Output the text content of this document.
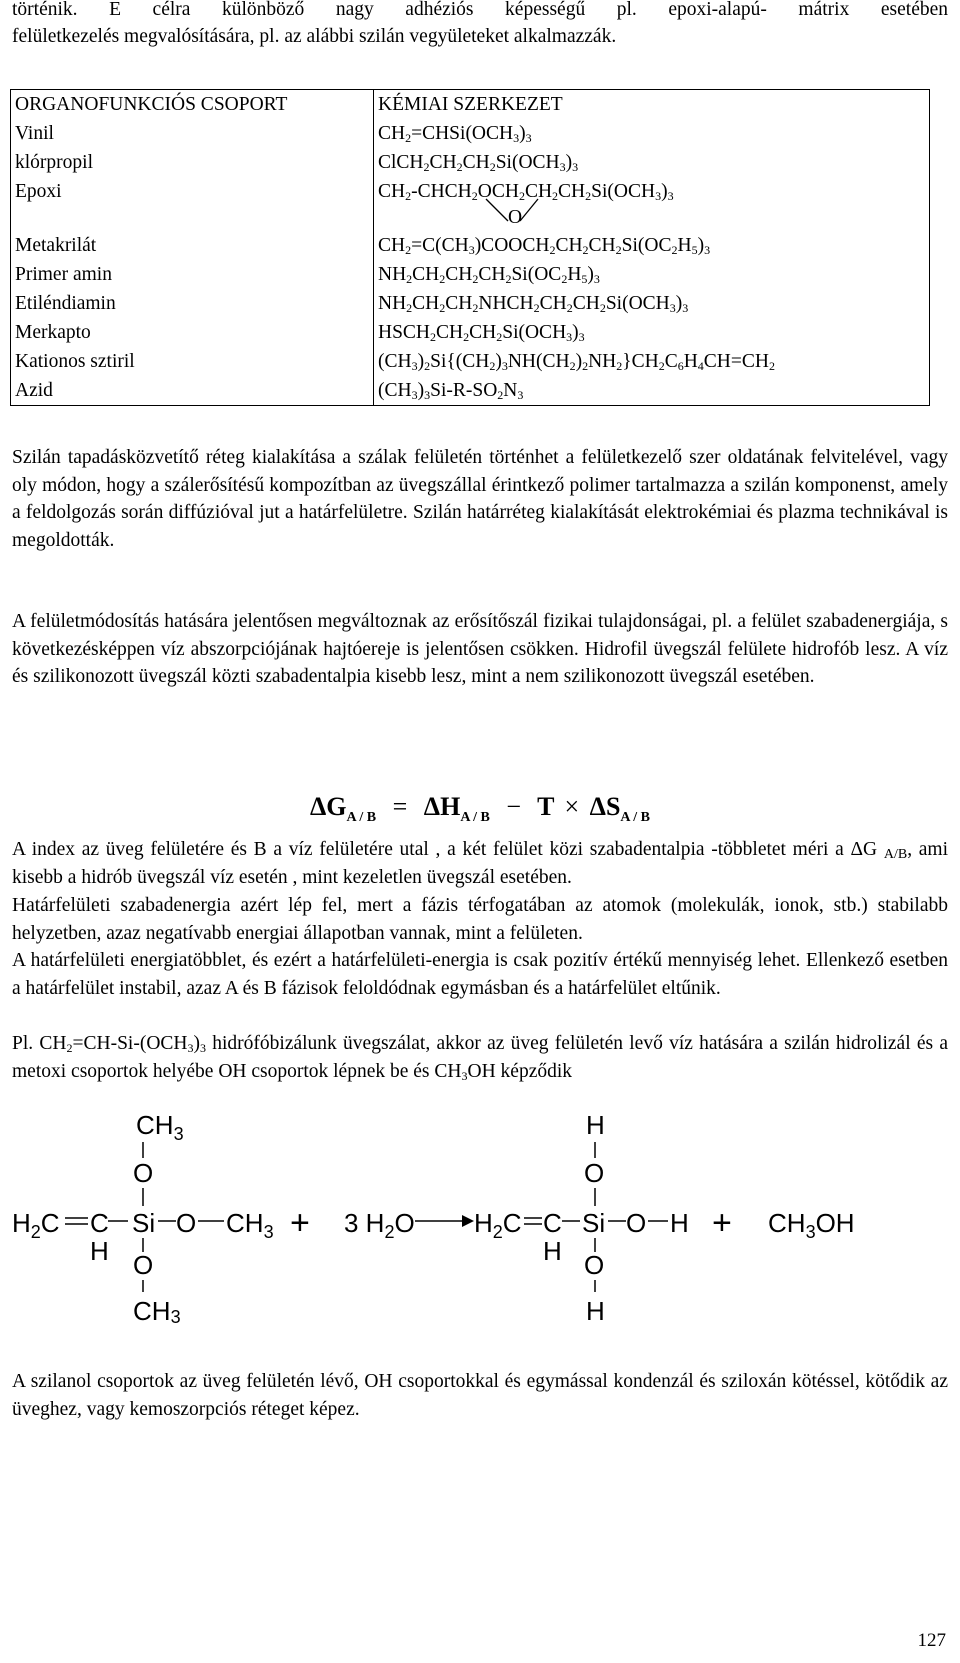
történik. E célra különböző nagy adhéziós képességű pl. epoxi-alapú- mátrix esetében

felületkezelés megvalósítására, pl. az alábbi szilán vegyületeket alkalmazzák.

ORGANOFUNKCIÓS CSOPORT	KÉMIAI SZERKEZET
Vinil	$CH_2=CHSi(OCH_3)_3$
klórpropil	$ClCH_2CH_2CH_2Si(OCH_3)_3$
Epoxi	$CH_2-CHCH_2OCH_2CH_2CH_2Si(OCH_3)_3$
O

Metakrilát	$CH_2=C(CH_3)COOCH_2CH_2CH_2Si(OC_2H_5)_3$
Primer amin	$NH_2CH_2CH_2CH_2Si(OC_2H_5)_3$
Etiléndiamin	$NH_2CH_2CH_2NHCH_2CH_2CH_2Si(OCH_3)_3$
Merkapto	$HSCH_2CH_2CH_2Si(OCH_3)_3$
Kationos sztiril	$(CH_3)_2Si\{(CH_2)_3NH(CH_2)_2NH_2\}CH_2C_6H_4CH=CH_2$
Azid	$(CH_3)_3Si-R-SO_2N_3$

Szilán tapadásközvetítő réteg kialakítása a szálak felületén történhet a felületkezelő szer oldatának felvitelével, vagy oly módon, hogy a szálerősítésű kompozítban az üvegszállal érintkező polimer tartalmazza a szilán komponenst, amely a feldolgozás során diffúzióval jut a határfelületre. Szilán határréteg kialakítását elektrokémiai és plazma technikával is megoldották.

A felületmódosítás hatására jelentősen megváltoznak az erősítőszál fizikai tulajdonságai, pl. a felület szabadenergiája, s következésképpen víz abszorpciójának hajtóereje is jelentősen csökken. Hidrofil üvegszál felülete hidrofób lesz. A víz és szilikonozott üvegszál közti szabadentalpia kisebb lesz, mint a nem szilikonozott üvegszál esetében.

$\Delta G_{A / B} = \Delta H_{A / B} - T \times \Delta S_{A / B}$

A index az üveg felületére és B a víz felületére utal , a két felület közi szabadentalpia -többletet méri a ΔG $_{A/B}$, ami kisebb a hidrób üvegszál víz esetén , mint kezeletlen üvegszál esetében.

Határfelületi szabadenergia azért lép fel, mert a fázis térfogatában az atomok (molekulák, ionok, stb.) stabilabb helyzetben, azaz negatívabb energiai állapotban vannak, mint a felületen.

A határfelületi energiatöbblet, és ezért a határfelületi-energia is csak pozitív értékű mennyiség lehet. Ellenkező esetben a határfelület instabil, azaz A és B fázisok feloldódnak egymásban és a határfelület eltűnik.

Pl. $CH_2=CH-Si-(OCH_3)_3$ hidrófóbizálunk üvegszálat, akkor az üveg felületén levő víz hatására a szilán hidrolizál és a metoxi csoportok helyébe OH csoportok lépnek be és $CH_3OH$ képződik

$CH_3$
O
$H_2C$ C
H
Si O $CH_3$
O
+ 3 $H_2O$ $H_2C$ C
H
Si O H
H
O
O
+ $CH_3OH$
$CH_3$	H

A szilanol csoportok az üveg felületén lévő, OH csoportokkal és egymással kondenzál és sziloxán kötéssel, kötődik az üveghez, vagy kemoszorpciós réteget képez.

127
